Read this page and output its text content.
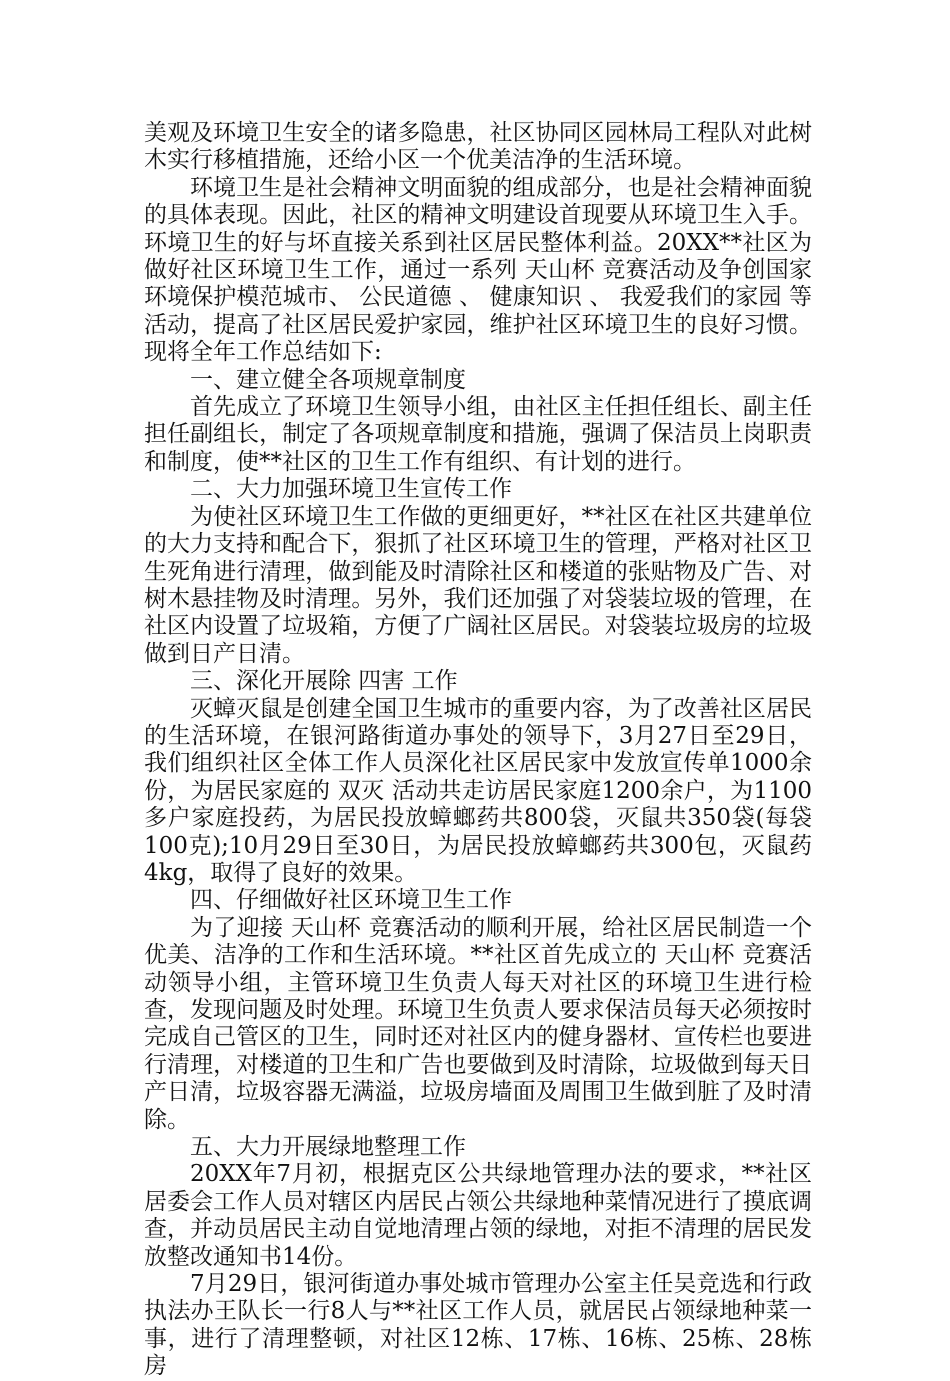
美观及环境卫生安全的诸多隐患，社区协同区园林局工程队对此树木实行移植措施，还给小区一个优美洁净的生活环境。

环境卫生是社会精神文明面貌的组成部分，也是社会精神面貌的具体表现。因此，社区的精神文明建设首现要从环境卫生入手。环境卫生的好与坏直接关系到社区居民整体利益。20XX**社区为做好社区环境卫生工作，通过一系列 天山杯 竞赛活动及争创国家环境保护模范城市、 公民道德 、 健康知识 、 我爱我们的家园 等活动，提高了社区居民爱护家园，维护社区环境卫生的良好习惯。现将全年工作总结如下:

一、建立健全各项规章制度

首先成立了环境卫生领导小组，由社区主任担任组长、副主任担任副组长，制定了各项规章制度和措施，强调了保洁员上岗职责和制度，使**社区的卫生工作有组织、有计划的进行。

二、大力加强环境卫生宣传工作

为使社区环境卫生工作做的更细更好，**社区在社区共建单位的大力支持和配合下，狠抓了社区环境卫生的管理，严格对社区卫生死角进行清理，做到能及时清除社区和楼道的张贴物及广告、对树木悬挂物及时清理。另外，我们还加强了对袋装垃圾的管理，在社区内设置了垃圾箱，方便了广阔社区居民。对袋装垃圾房的垃圾做到日产日清。

三、深化开展除 四害 工作

灭蟑灭鼠是创建全国卫生城市的重要内容，为了改善社区居民的生活环境，在银河路街道办事处的领导下，3月27日至29日，我们组织社区全体工作人员深化社区居民家中发放宣传单1000余份，为居民家庭的 双灭 活动共走访居民家庭1200余户，为1100多户家庭投药，为居民投放蟑螂药共800袋，灭鼠共350袋(每袋100克);10月29日至30日，为居民投放蟑螂药共300包，灭鼠药4kg，取得了良好的效果。

四、仔细做好社区环境卫生工作

为了迎接 天山杯 竞赛活动的顺利开展，给社区居民制造一个优美、洁净的工作和生活环境。**社区首先成立的 天山杯 竞赛活动领导小组，主管环境卫生负责人每天对社区的环境卫生进行检查，发现问题及时处理。环境卫生负责人要求保洁员每天必须按时完成自己管区的卫生，同时还对社区内的健身器材、宣传栏也要进行清理，对楼道的卫生和广告也要做到及时清除，垃圾做到每天日产日清，垃圾容器无满溢，垃圾房墙面及周围卫生做到脏了及时清除。

五、大力开展绿地整理工作

20XX年7月初，根据克区公共绿地管理办法的要求，**社区居委会工作人员对辖区内居民占领公共绿地种菜情况进行了摸底调查，并动员居民主动自觉地清理占领的绿地，对拒不清理的居民发放整改通知书14份。

7月29日，银河街道办事处城市管理办公室主任吴竞选和行政执法办王队长一行8人与**社区工作人员，就居民占领绿地种菜一事，进行了清理整顿，对社区12栋、17栋、16栋、25栋、28栋房
